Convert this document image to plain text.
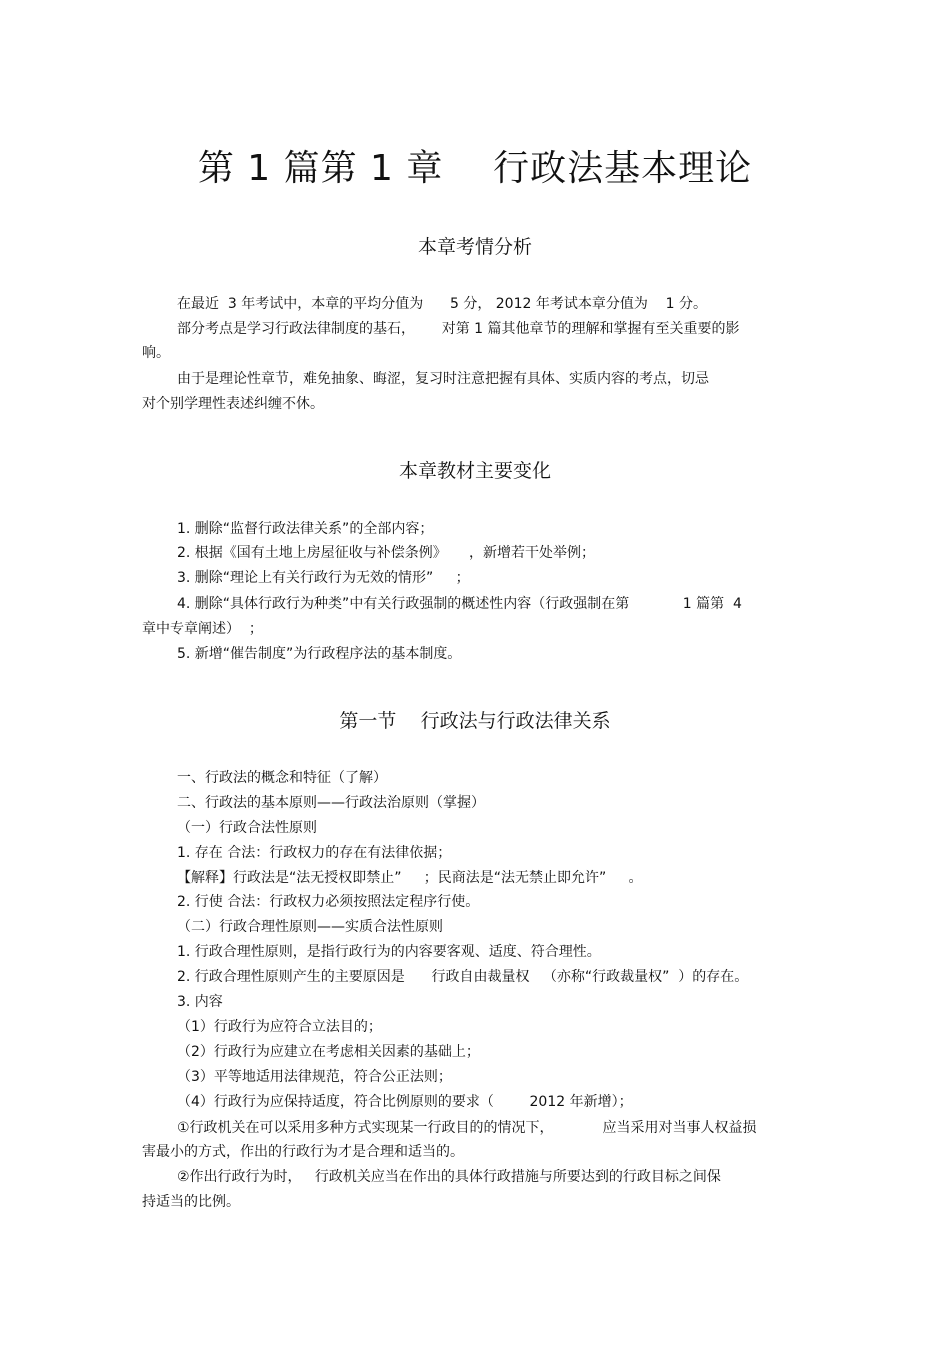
第 1 篇第 1 章    行政法基本理论
本章考情分析
在最近  3 年考试中，本章的平均分值为      5 分， 2012 年考试本章分值为    1 分。
部分考点是学习行政法律制度的基石，      对第 1 篇其他章节的理解和掌握有至关重要的影
响。
由于是理论性章节，难免抽象、晦涩，复习时注意把握有具体、实质内容的考点，切忌
对个别学理性表述纠缠不休。
本章教材主要变化
1. 删除“监督行政法律关系”的全部内容；
2. 根据《国有土地上房屋征收与补偿条例》     ，新增若干处举例；
3. 删除“理论上有关行政行为无效的情形”     ；
4. 删除“具体行政行为种类”中有关行政强制的概述性内容（行政强制在第            1 篇第  4
章中专章阐述）  ；
5. 新增“催告制度”为行政程序法的基本制度。
第一节    行政法与行政法律关系
一、行政法的概念和特征（了解）
二、行政法的基本原则——行政法治原则（掌握）
（一）行政合法性原则
1. 存在 合法：行政权力的存在有法律依据；
【解释】行政法是“法无授权即禁止”     ；民商法是“法无禁止即允许”     。
2. 行使 合法：行政权力必须按照法定程序行使。
（二）行政合理性原则——实质合法性原则
1. 行政合理性原则，是指行政行为的内容要客观、适度、符合理性。
2. 行政合理性原则产生的主要原因是      行政自由裁量权   （亦称“行政裁量权”  ）的存在。
3. 内容
（1）行政行为应符合立法目的；
（2）行政行为应建立在考虑相关因素的基础上；
（3）平等地适用法律规范，符合公正法则；
（4）行政行为应保持适度，符合比例原则的要求（        2012 年新增）；
①行政机关在可以采用多种方式实现某一行政目的的情况下，           应当采用对当事人权益损
害最小的方式，作出的行政行为才是合理和适当的。
②作出行政行为时，   行政机关应当在作出的具体行政措施与所要达到的行政目标之间保
持适当的比例。
